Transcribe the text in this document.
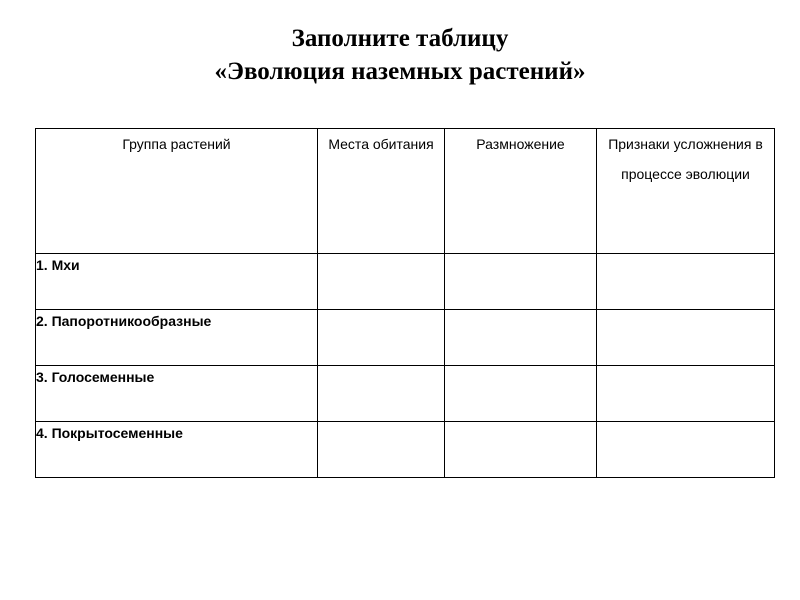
Заполните таблицу
«Эволюция наземных растений»
Группа растений	Места обитания	Размножение	Признаки усложнения в процессе эволюции
1. Мхи			
2. Папоротникообразные			
3. Голосеменные			
4. Покрытосеменные			
